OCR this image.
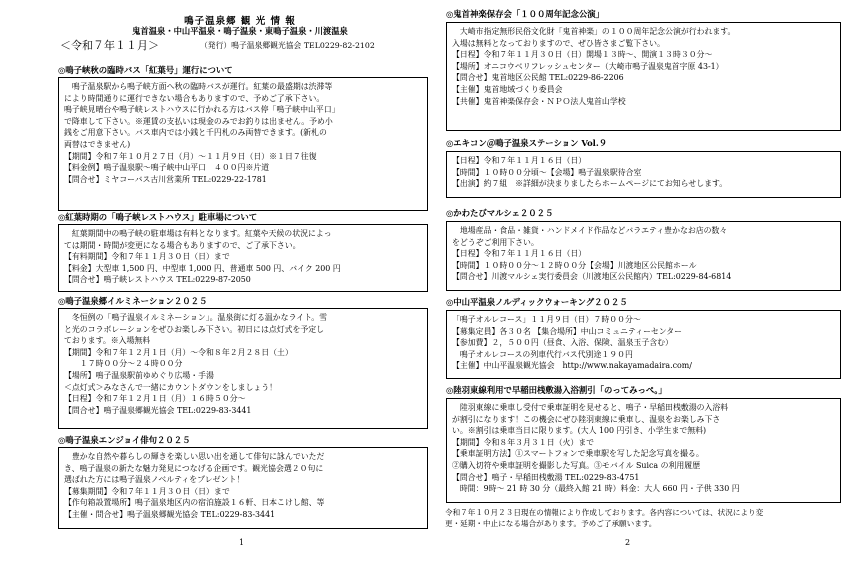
鳴子温泉郷 観 光 情 報
鬼首温泉・中山平温泉・鳴子温泉・東鳴子温泉・川渡温泉
＜令和７年１１月＞	（発行）鳴子温泉郷観光協会 TEL0229-82-2102
◎鳴子峡秋の臨時バス「紅葉号」運行について

鳴子温泉駅から鳴子峡方面へ秋の臨時バスが運行。紅葉の最盛期は渋滞等

により時間通りに運行できない場合もありますので、予めご了承下さい。

鳴子峡見晴台や鳴子峡レストハウスに行かれる方はバス停「鳴子峡中山平口」

で降車して下さい。※運賃の支払いは現金のみでお釣りは出ません。予め小

銭をご用意下さい。バス車内では小銭と千円札のみ両替できます。(新札の

両替はできません)

【期間】令和７年１０月２７日（月）〜１１月９日（日）※１日７往復

【料金例】鳴子温泉駅〜鳴子峡中山平口　４００円※片道

【問合せ】ミヤコーバス古川営業所 TEL:0229-22-1781

◎紅葉時期の「鳴子峡レストハウス」駐車場について

紅葉期間中の鳴子峡の駐車場は有料となります。紅葉や天候の状況によっ

ては期間・時間が変更になる場合もありますので、ご了承下さい。

【有料期間】令和７年１１月３０日（日）まで

【料金】大型車 1,500 円、中型車 1,000 円、普通車 500 円、バイク 200 円

【問合せ】鳴子峡レストハウス TEL:0229-87-2050

◎鳴子温泉郷イルミネーション２０２５

冬恒例の「鳴子温泉イルミネーション」。温泉街に灯る温かなライト。雪

と光のコラボレーションをぜひお楽しみ下さい。初日には点灯式を予定し

ております。※入場無料

【期間】令和７年１２月１日（月）〜令和８年２月２８日（土）

１７時００分〜２４時００分

【場所】鳴子温泉駅前ゆめぐり広場・手湯

＜点灯式＞みなさんで一緒にカウントダウンをしましょう！

【日程】令和７年１２月１日（月）１６時５０分〜

【問合せ】鳴子温泉郷観光協会 TEL:0229-83-3441

◎鳴子温泉エンジョイ俳句２０２５

豊かな自然や暮らしの輝きを楽しい思い出を通して俳句に詠んでいただ

き、鳴子温泉の新たな魅力発見につなげる企画です。観光協会選２０句に

選ばれた方には鳴子温泉ノベルティをプレゼント！

【募集期間】令和７年１１月３０日（日）まで

【作句箱設置場所】鳴子温泉地区内の宿泊施設１６軒、日本こけし館、等

【主催・問合せ】鳴子温泉郷観光協会 TEL:0229-83-3441

◎鬼首神楽保存会「１００周年記念公演」

大崎市指定無形民俗文化財「鬼首神楽」の１００周年記念公演が行われます。

入場は無料となっておりますので、ぜひ皆さまご覧下さい。

【日程】令和７年１１月３０日（日）開場１３時〜、開演１３時３０分〜

【場所】オニコウベリフレッシュセンター（大崎市鳴子温泉鬼首字原 43-1）

【問合せ】鬼首地区公民館 TEL:0229-86-2206

【主催】鬼首地域づくり委員会

【共催】鬼首神楽保存会・ＮＰＯ法人鬼首山学校

◎エキコン＠鳴子温泉ステーション Vol.９

【日程】令和７年１１月１６日（日）

【時間】１０時００分頃〜【会場】鳴子温泉駅待合室

【出演】約７組　※詳細が決まりましたらホームページにてお知らせします。

◎かわたびマルシェ２０２５

地場産品・食品・雑貨・ハンドメイド作品などバラエティ豊かなお店の数々

をどうぞご利用下さい。

【日程】令和７年１１月１６日（日）

【時間】１０時００分〜１２時００分【会場】川渡地区公民館ホール

【問合せ】川渡マルシェ実行委員会（川渡地区公民館内）TEL:0229-84-6814

◎中山平温泉ノルディックウォーキング２０２５

「鳴子オルレコース」１１月９日（日）７時００分〜

【募集定員】各３０名 【集合場所】中山コミュニティーセンター

【参加費】２，５００円（昼食、入浴、保険、温泉玉子含む）

鳴子オルレコースの列車代行バス代別途１９０円

【主催】中山平温泉観光協会　http://www.nakayamadaira.com/

◎陸羽東線利用で早稲田桟敷湯入浴割引「のってみっぺ。」

陸羽東線に乗車し受付で乗車証明を見せると、鳴子・早稲田桟敷湯の入浴料

が割引になります！この機会にぜひ陸羽東線に乗車し、温泉をお楽しみ下さ

い。※割引は乗車当日に限ります。(大人 100 円引き、小学生まで無料)

【期間】令和８年３月３１日（火）まで

【乗車証明方法】①スマートフォンで乗車駅を写した記念写真を撮る。

②購入切符や乗車証明を撮影した写真。③モバイル Suica の利用履歴

【問合せ】鳴子・早稲田桟敷湯 TEL:0229-83-4751

時間：9時〜 21 時 30 分（最終入館 21 時）料金：大人 660 円・子供 330 円

令和７年１０月２３日現在の情報により作成しております。各内容については、状況により変
更・延期・中止になる場合があります。予めご了承願います。
1	2
